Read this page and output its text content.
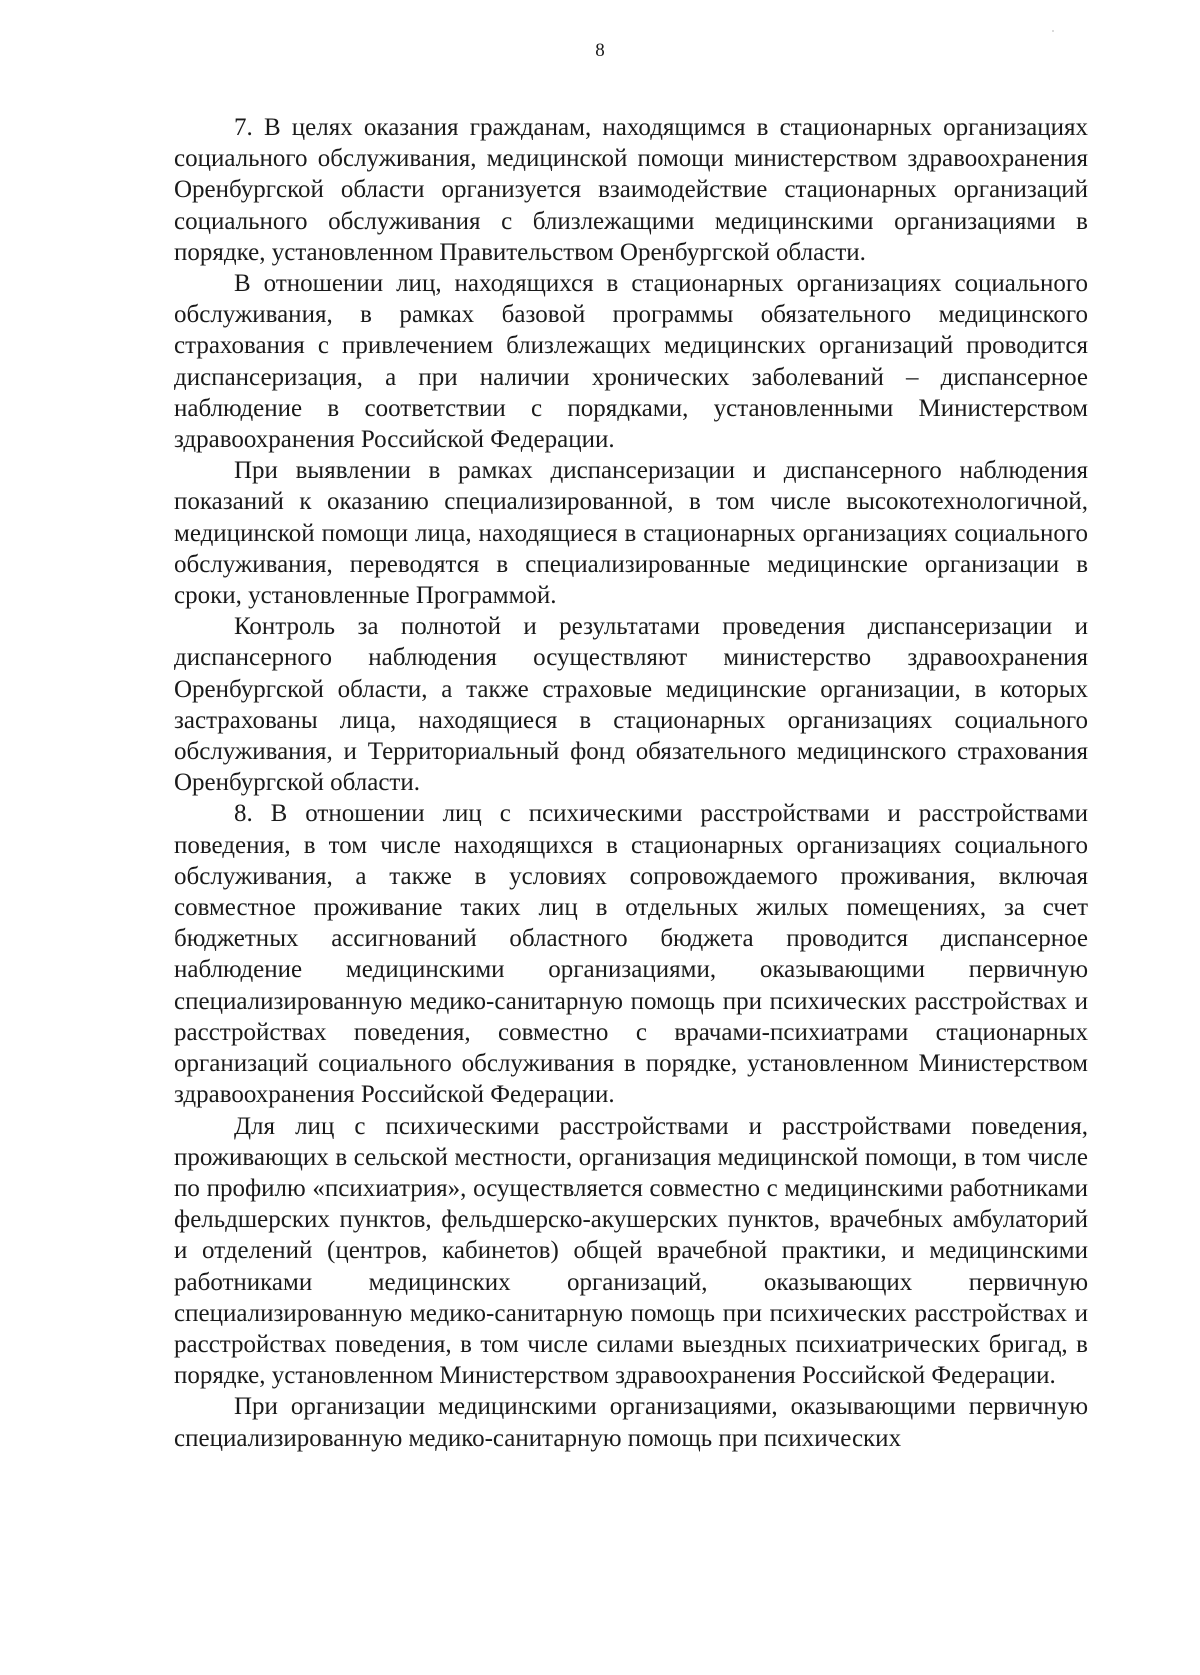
8

7. В целях оказания гражданам, находящимся в стационарных организациях социального обслуживания, медицинской помощи министерством здравоохранения Оренбургской области организуется взаимодействие стационарных организаций социального обслуживания с близлежащими медицинскими организациями в порядке, установленном Правительством Оренбургской области.

В отношении лиц, находящихся в стационарных организациях социального обслуживания, в рамках базовой программы обязательного медицинского страхования с привлечением близлежащих медицинских организаций проводится диспансеризация, а при наличии хронических заболеваний – диспансерное наблюдение в соответствии с порядками, установленными Министерством здравоохранения Российской Федерации.

При выявлении в рамках диспансеризации и диспансерного наблюдения показаний к оказанию специализированной, в том числе высокотехнологичной, медицинской помощи лица, находящиеся в стационарных организациях социального обслуживания, переводятся в специализированные медицинские организации в сроки, установленные Программой.

Контроль за полнотой и результатами проведения диспансеризации и диспансерного наблюдения осуществляют министерство здравоохранения Оренбургской области, а также страховые медицинские организации, в которых застрахованы лица, находящиеся в стационарных организациях социального обслуживания, и Территориальный фонд обязательного медицинского страхования Оренбургской области.

8. В отношении лиц с психическими расстройствами и расстройствами поведения, в том числе находящихся в стационарных организациях социального обслуживания, а также в условиях сопровождаемого проживания, включая совместное проживание таких лиц в отдельных жилых помещениях, за счет бюджетных ассигнований областного бюджета проводится диспансерное наблюдение медицинскими организациями, оказывающими первичную специализированную медико-санитарную помощь при психических расстройствах и расстройствах поведения, совместно с врачами-психиатрами стационарных организаций социального обслуживания в порядке, установленном Министерством здравоохранения Российской Федерации.

Для лиц с психическими расстройствами и расстройствами поведения, проживающих в сельской местности, организация медицинской помощи, в том числе по профилю «психиатрия», осуществляется совместно с медицинскими работниками фельдшерских пунктов, фельдшерско-акушерских пунктов, врачебных амбулаторий и отделений (центров, кабинетов) общей врачебной практики, и медицинскими работниками медицинских организаций, оказывающих первичную специализированную медико-санитарную помощь при психических расстройствах и расстройствах поведения, в том числе силами выездных психиатрических бригад, в порядке, установленном Министерством здравоохранения Российской Федерации.

При организации медицинскими организациями, оказывающими первичную специализированную медико-санитарную помощь при психических
